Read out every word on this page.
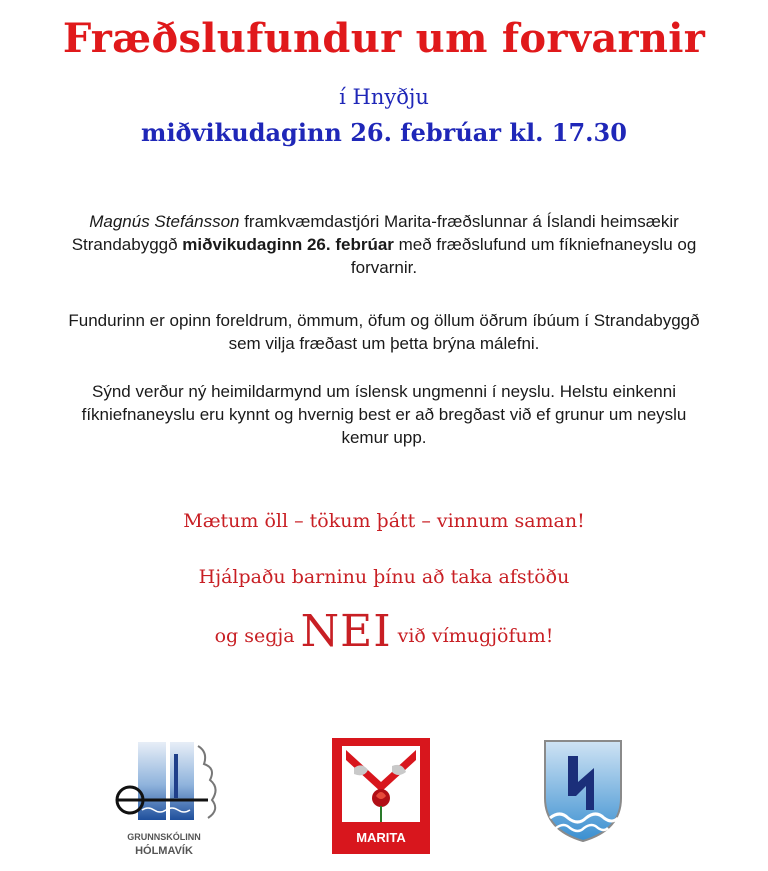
Fræðslufundur um forvarnir
í Hnyðju
miðvikudaginn 26. febrúar kl. 17.30

Magnús Stefánsson framkvæmdastjóri Marita-fræðslunnar á Íslandi heimsækir Strandabyggð miðvikudaginn 26. febrúar með fræðslufund um fíkniefnaneyslu og forvarnir.

Fundurinn er opinn foreldrum, ömmum, öfum og öllum öðrum íbúum í Strandabyggð sem vilja fræðast um þetta brýna málefni.

Sýnd verður ný heimildarmynd um íslensk ungmenni í neyslu. Helstu einkenni fíkniefnaneyslu eru kynnt og hvernig best er að bregðast við ef grunur um neyslu kemur upp.

Mætum öll – tökum þátt – vinnum saman!
Hjálpaðu barninu þínu að taka afstöðu
og segja NEI við vímugjöfum!
GRUNNSKÓLINN
HÓLMAVÍK
MARITA
